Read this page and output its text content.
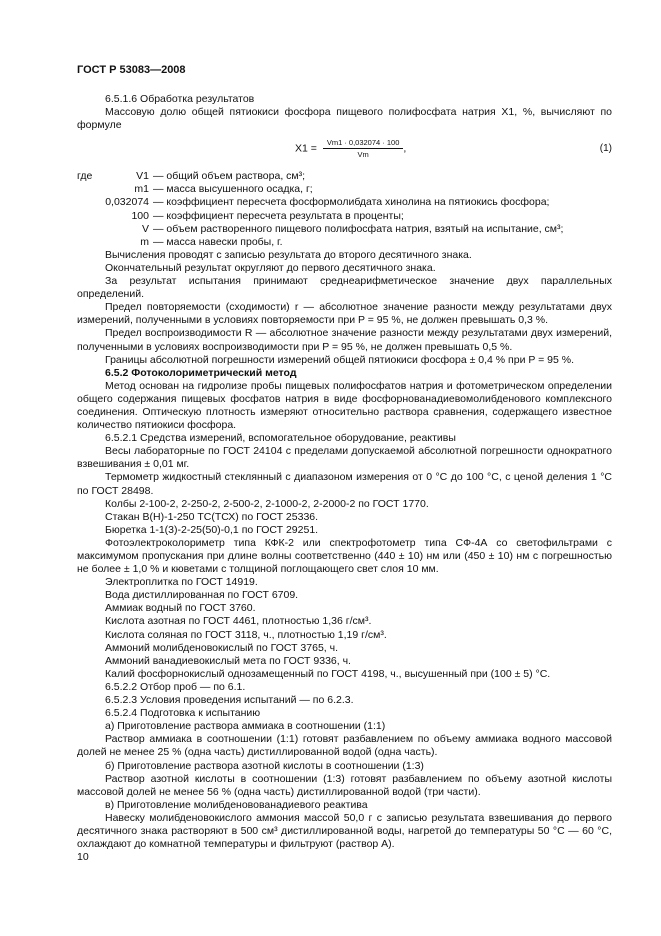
ГОСТ Р 53083—2008

6.5.1.6 Обработка результатов

Массовую долю общей пятиокиси фосфора пищевого полифосфата натрия X1, %, вычисляют по формуле

$X1 = \frac{Vm1 \cdot 0,032074 \cdot 100}{Vm}$ ,	(1)
где	V1 — общий объем раствора, см³;
m1 — масса высушенного осадка, г;
0,032074 — коэффициент пересчета фосформолибдата хинолина на пятиокись фосфора;
100 — коэффициент пересчета результата в проценты;
V — объем растворенного пищевого полифосфата натрия, взятый на испытание, см³;
m — масса навески пробы, г.

Вычисления проводят с записью результата до второго десятичного знака.

Окончательный результат округляют до первого десятичного знака.

За результат испытания принимают среднеарифметическое значение двух параллельных определений.

Предел повторяемости (сходимости) r — абсолютное значение разности между результатами двух измерений, полученными в условиях повторяемости при P = 95 %, не должен превышать 0,3 %.

Предел воспроизводимости R — абсолютное значение разности между результатами двух измерений, полученными в условиях воспроизводимости при P = 95 %, не должен превышать 0,5 %.

Границы абсолютной погрешности измерений общей пятиокиси фосфора ± 0,4 % при P = 95 %.

6.5.2 Фотоколориметрический метод

Метод основан на гидролизе пробы пищевых полифосфатов натрия и фотометрическом определении общего содержания пищевых фосфатов натрия в виде фосфорнованадиевомолибденового комплексного соединения. Оптическую плотность измеряют относительно раствора сравнения, содержащего известное количество пятиокиси фосфора.

6.5.2.1 Средства измерений, вспомогательное оборудование, реактивы

Весы лабораторные по ГОСТ 24104 с пределами допускаемой абсолютной погрешности однократного взвешивания ± 0,01 мг.

Термометр жидкостный стеклянный с диапазоном измерения от 0 °С до 100 °С, с ценой деления 1 °С по ГОСТ 28498.

Колбы 2-100-2, 2-250-2, 2-500-2, 2-1000-2, 2-2000-2 по ГОСТ 1770.

Стакан В(Н)-1-250 ТС(ТСХ) по ГОСТ 25336.

Бюретка 1-1(3)-2-25(50)-0,1 по ГОСТ 29251.

Фотоэлектроколориметр типа КФК-2 или спектрофотометр типа СФ-4А со светофильтрами с максимумом пропускания при длине волны соответственно (440 ± 10) нм или (450 ± 10) нм с погрешностью не более ± 1,0 % и кюветами с толщиной поглощающего свет слоя 10 мм.

Электроплитка по ГОСТ 14919.

Вода дистиллированная по ГОСТ 6709.

Аммиак водный по ГОСТ 3760.

Кислота азотная по ГОСТ 4461, плотностью 1,36 г/см³.

Кислота соляная по ГОСТ 3118, ч., плотностью 1,19 г/см³.

Аммоний молибденовокислый по ГОСТ 3765, ч.

Аммоний ванадиевокислый мета по ГОСТ 9336, ч.

Калий фосфорнокислый однозамещенный по ГОСТ 4198, ч., высушенный при (100 ± 5) °С.

6.5.2.2 Отбор проб — по 6.1.

6.5.2.3 Условия проведения испытаний — по 6.2.3.

6.5.2.4 Подготовка к испытанию

а) Приготовление раствора аммиака в соотношении (1:1)

Раствор аммиака в соотношении (1:1) готовят разбавлением по объему аммиака водного массовой долей не менее 25 % (одна часть) дистиллированной водой (одна часть).

б) Приготовление раствора азотной кислоты в соотношении (1:3)

Раствор азотной кислоты в соотношении (1:3) готовят разбавлением по объему азотной кислоты массовой долей не менее 56 % (одна часть) дистиллированной водой (три части).

в) Приготовление молибденовованадиевого реактива

Навеску молибденовокислого аммония массой 50,0 г с записью результата взвешивания до первого десятичного знака растворяют в 500 см³ дистиллированной воды, нагретой до температуры 50 °С — 60 °С, охлаждают до комнатной температуры и фильтруют (раствор А).

10
